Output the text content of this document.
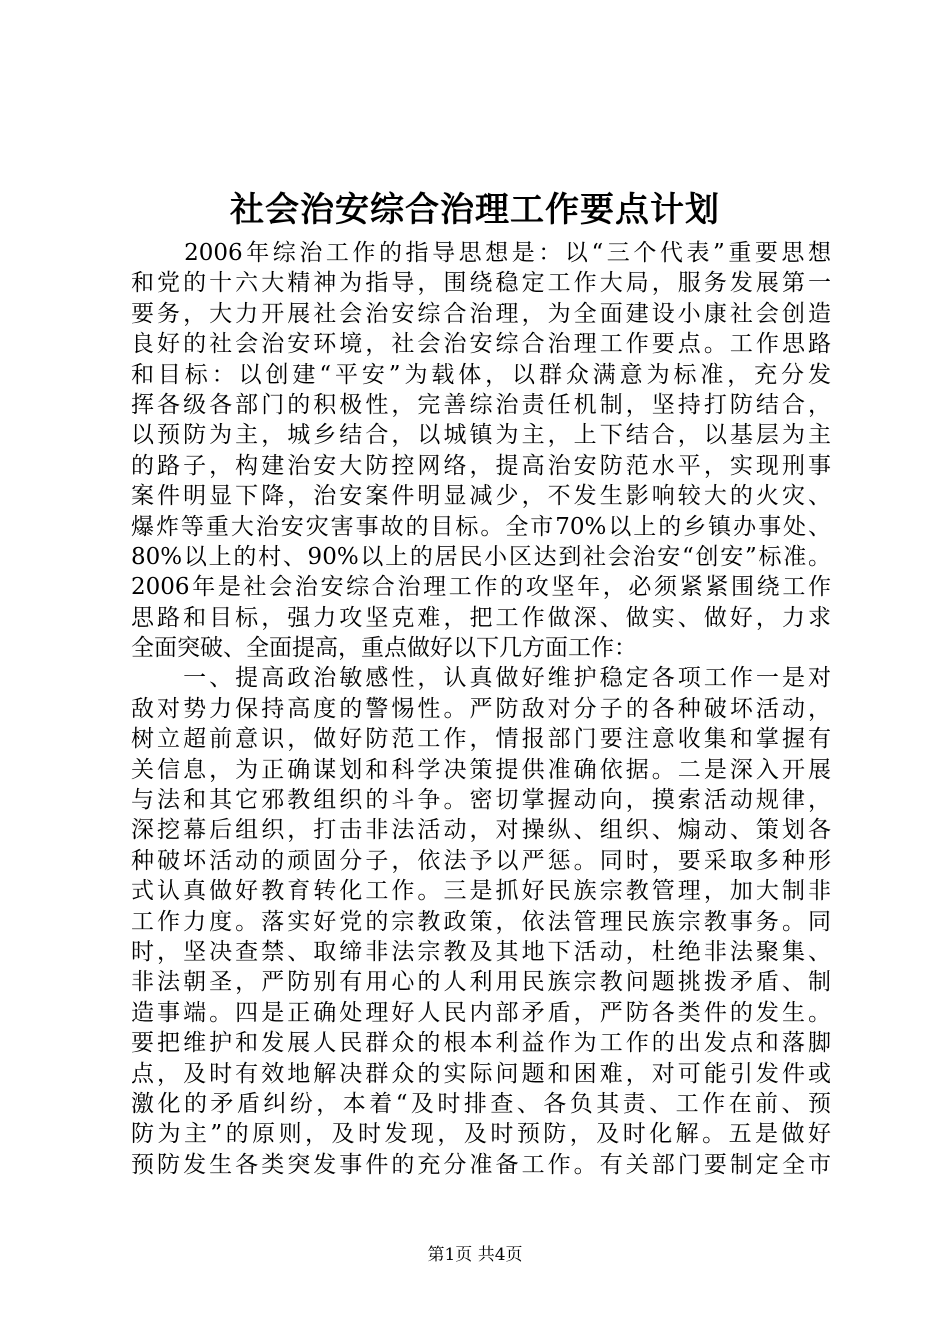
社会治安综合治理工作要点计划
　　2006年综治工作的指导思想是：以“三个代表”重要思想
和党的十六大精神为指导，围绕稳定工作大局，服务发展第一
要务，大力开展社会治安综合治理，为全面建设小康社会创造
良好的社会治安环境，社会治安综合治理工作要点。工作思路
和目标：以创建“平安”为载体，以群众满意为标准，充分发
挥各级各部门的积极性，完善综治责任机制，坚持打防结合，
以预防为主，城乡结合，以城镇为主，上下结合，以基层为主
的路子，构建治安大防控网络，提高治安防范水平，实现刑事
案件明显下降，治安案件明显减少，不发生影响较大的火灾、
爆炸等重大治安灾害事故的目标。全市70%以上的乡镇办事处、
80%以上的村、90%以上的居民小区达到社会治安“创安”标准。
2006年是社会治安综合治理工作的攻坚年，必须紧紧围绕工作
思路和目标，强力攻坚克难，把工作做深、做实、做好，力求
全面突破、全面提高，重点做好以下几方面工作：
　　一、提高政治敏感性，认真做好维护稳定各项工作一是对
敌对势力保持高度的警惕性。严防敌对分子的各种破坏活动，
树立超前意识，做好防范工作，情报部门要注意收集和掌握有
关信息，为正确谋划和科学决策提供准确依据。二是深入开展
与法和其它邪教组织的斗争。密切掌握动向，摸索活动规律，
深挖幕后组织，打击非法活动，对操纵、组织、煽动、策划各
种破坏活动的顽固分子，依法予以严惩。同时，要采取多种形
式认真做好教育转化工作。三是抓好民族宗教管理，加大制非
工作力度。落实好党的宗教政策，依法管理民族宗教事务。同
时，坚决查禁、取缔非法宗教及其地下活动，杜绝非法聚集、
非法朝圣，严防别有用心的人利用民族宗教问题挑拨矛盾、制
造事端。四是正确处理好人民内部矛盾，严防各类件的发生。
要把维护和发展人民群众的根本利益作为工作的出发点和落脚
点，及时有效地解决群众的实际问题和困难，对可能引发件或
激化的矛盾纠纷，本着“及时排查、各负其责、工作在前、预
防为主”的原则，及时发现，及时预防，及时化解。五是做好
预防发生各类突发事件的充分准备工作。有关部门要制定全市
第1页 共4页
